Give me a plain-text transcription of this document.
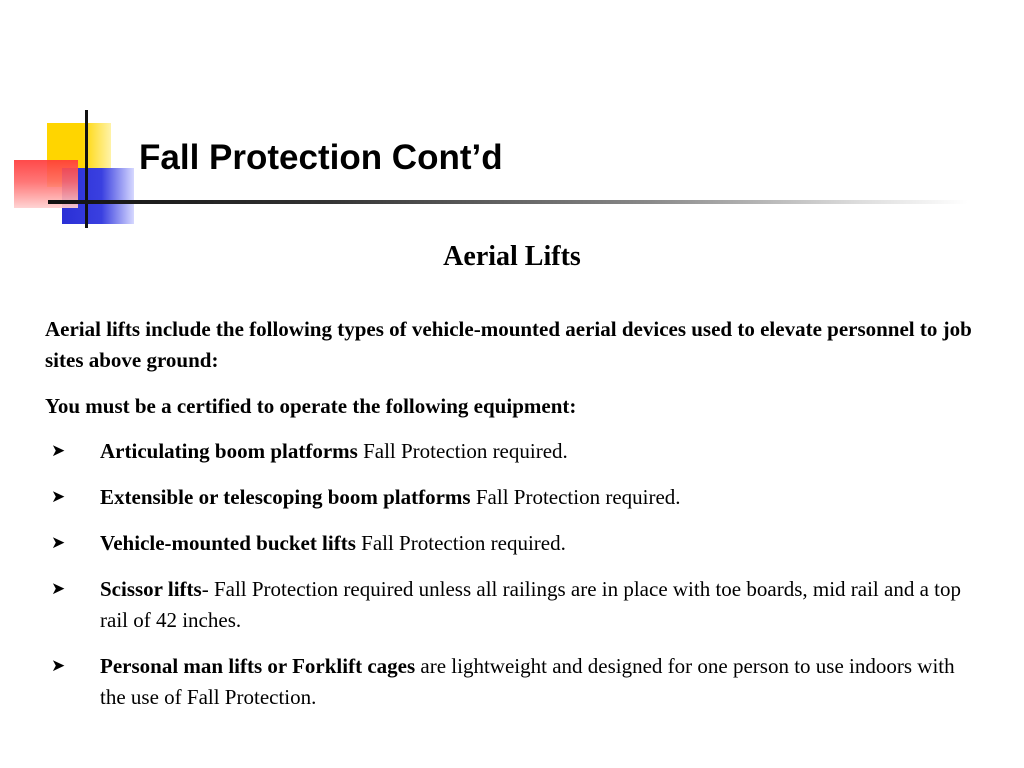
Fall Protection Cont’d
Aerial Lifts

Aerial lifts include the following types of vehicle-mounted aerial devices used to elevate personnel to job sites above ground:

You must be a certified to operate the following equipment:

➤ Articulating boom platforms Fall Protection required.
➤ Extensible or telescoping boom platforms Fall Protection required.
➤ Vehicle-mounted bucket lifts Fall Protection required.
➤ Scissor lifts- Fall Protection required unless all railings are in place with toe boards, mid rail and a top rail of 42 inches.
➤ Personal man lifts or Forklift cages are lightweight and designed for one person to use indoors with the use of Fall Protection.
